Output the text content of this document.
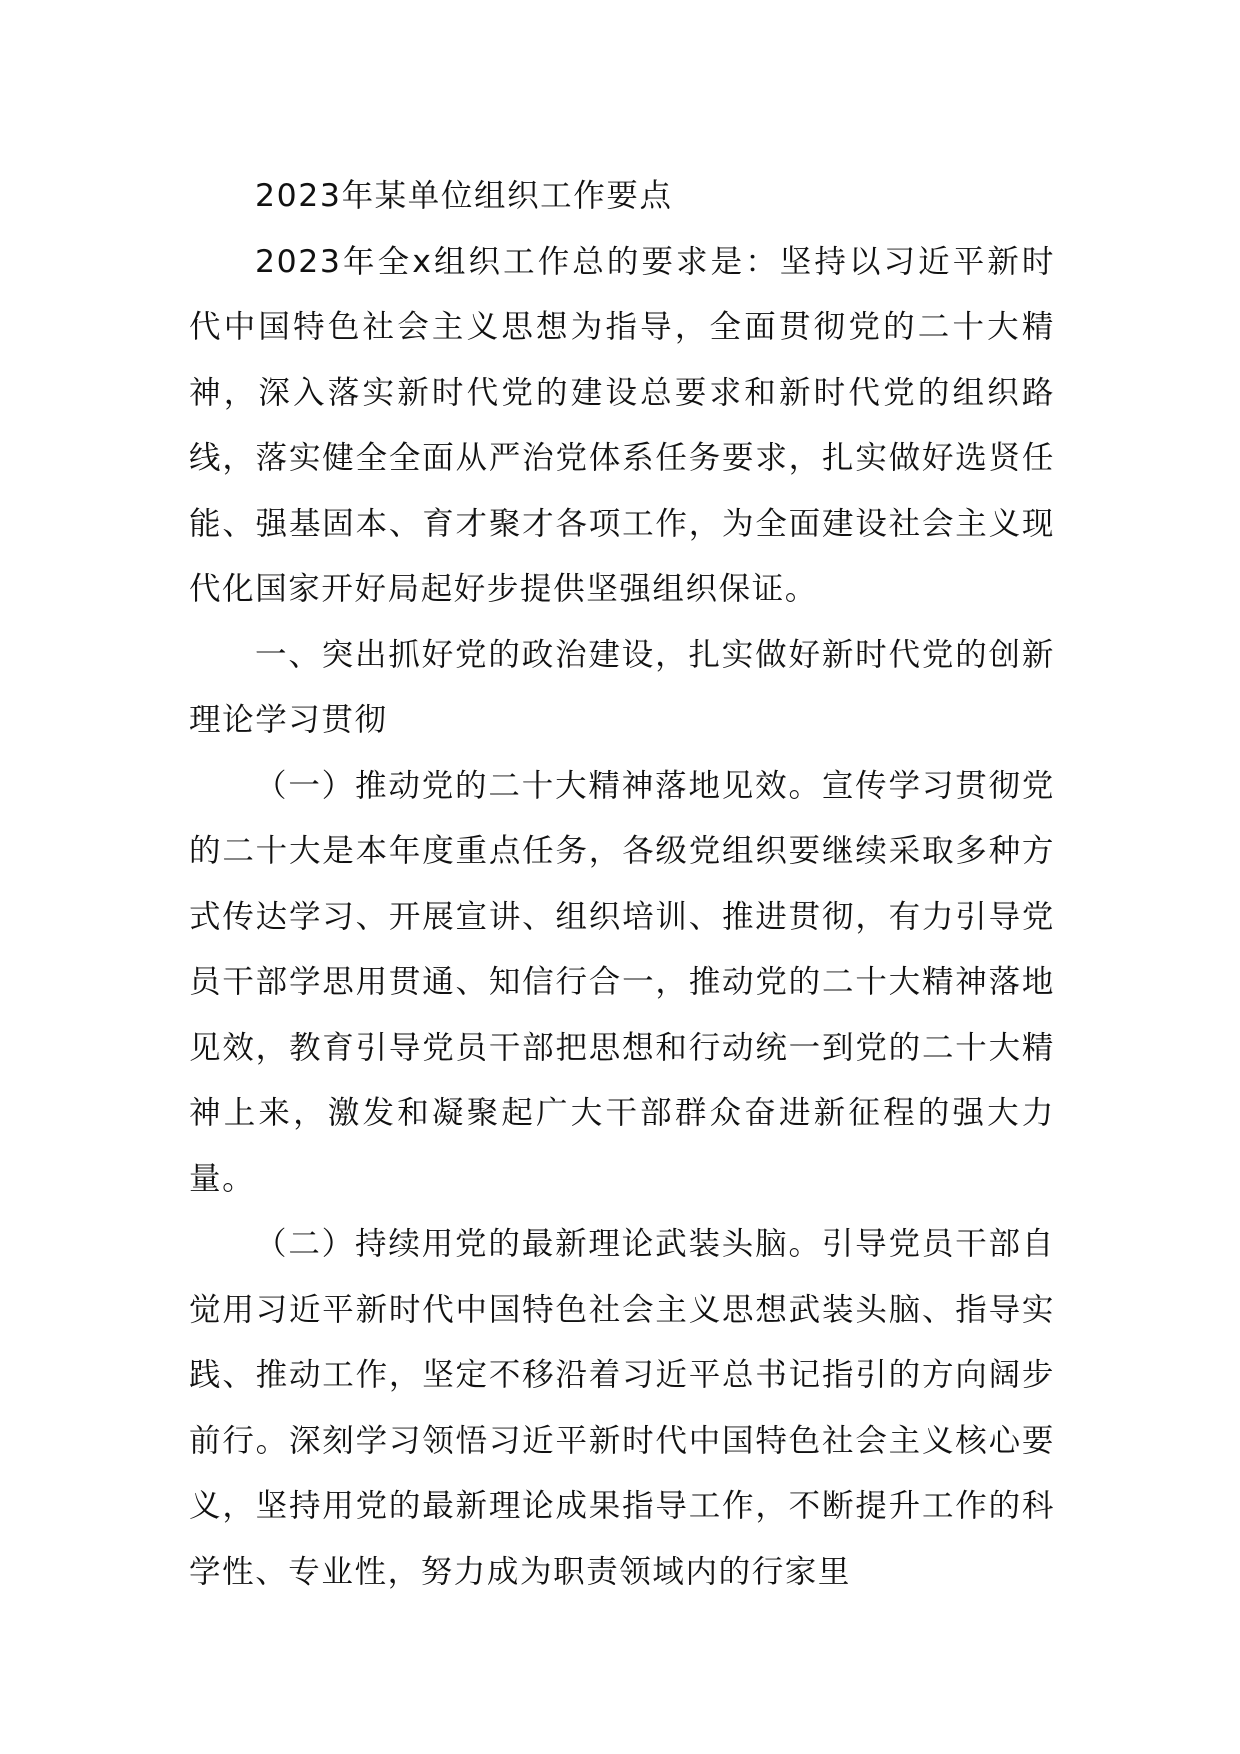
2023年某单位组织工作要点

2023年全x组织工作总的要求是：坚持以习近平新时代中国特色社会主义思想为指导，全面贯彻党的二十大精神，深入落实新时代党的建设总要求和新时代党的组织路线，落实健全全面从严治党体系任务要求，扎实做好选贤任能、强基固本、育才聚才各项工作，为全面建设社会主义现代化国家开好局起好步提供坚强组织保证。

一、突出抓好党的政治建设，扎实做好新时代党的创新理论学习贯彻

（一）推动党的二十大精神落地见效。宣传学习贯彻党的二十大是本年度重点任务，各级党组织要继续采取多种方式传达学习、开展宣讲、组织培训、推进贯彻，有力引导党员干部学思用贯通、知信行合一，推动党的二十大精神落地见效，教育引导党员干部把思想和行动统一到党的二十大精神上来，激发和凝聚起广大干部群众奋进新征程的强大力量。

（二）持续用党的最新理论武装头脑。引导党员干部自觉用习近平新时代中国特色社会主义思想武装头脑、指导实践、推动工作，坚定不移沿着习近平总书记指引的方向阔步前行。深刻学习领悟习近平新时代中国特色社会主义核心要义，坚持用党的最新理论成果指导工作，不断提升工作的科学性、专业性，努力成为职责领域内的行家里
